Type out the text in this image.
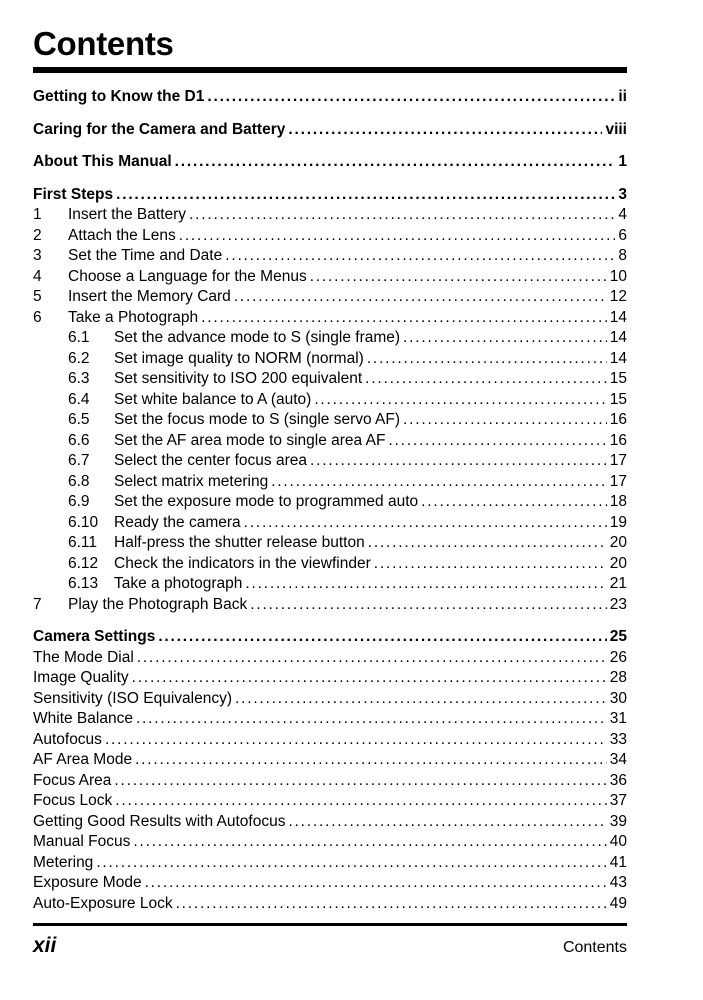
Contents
Getting to Know the D1 .....	ii
Caring for the Camera and Battery .....	viii
About This Manual .....	1
First Steps .....	3
1	Insert the Battery .....	4
2	Attach the Lens .....	6
3	Set the Time and Date .....	8
4	Choose a Language for the Menus .....	10
5	Insert the Memory Card .....	12
6	Take a Photograph .....	14
6.1	Set the advance mode to S (single frame) .....	14
6.2	Set image quality to NORM (normal) .....	14
6.3	Set sensitivity to ISO 200 equivalent .....	15
6.4	Set white balance to A (auto) .....	15
6.5	Set the focus mode to S (single servo AF) .....	16
6.6	Set the AF area mode to single area AF .....	16
6.7	Select the center focus area .....	17
6.8	Select matrix metering .....	17
6.9	Set the exposure mode to programmed auto .....	18
6.10	Ready the camera .....	19
6.11	Half-press the shutter release button .....	20
6.12	Check the indicators in the viewfinder .....	20
6.13	Take a photograph .....	21
7	Play the Photograph Back .....	23
Camera Settings .....	25
The Mode Dial .....	26
Image Quality .....	28
Sensitivity (ISO Equivalency) .....	30
White Balance .....	31
Autofocus .....	33
AF Area Mode .....	34
Focus Area .....	36
Focus Lock .....	37
Getting Good Results with Autofocus .....	39
Manual Focus .....	40
Metering .....	41
Exposure Mode .....	43
Auto-Exposure Lock .....	49
xii	Contents
